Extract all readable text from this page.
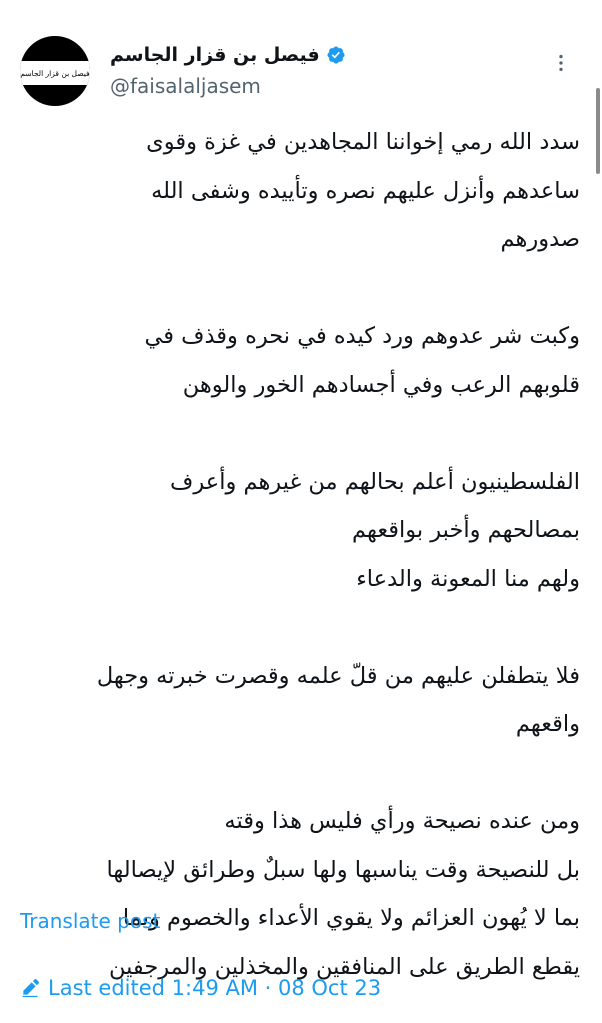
فيصل بن قزار الجاسم
فيصل بن قزار الجاسم
@faisalaljasem

سدد الله رمي إخواننا المجاهدين في غزة وقوى
ساعدهم وأنزل عليهم نصره وتأييده وشفى الله
صدورهم

وكبت شر عدوهم ورد كيده في نحره وقذف في
قلوبهم الرعب وفي أجسادهم الخور والوهن

الفلسطينيون أعلم بحالهم من غيرهم وأعرف
بمصالحهم وأخبر بواقعهم
ولهم منا المعونة والدعاء

فلا يتطفلن عليهم من قلّ علمه وقصرت خبرته وجهل
واقعهم

ومن عنده نصيحة ورأي فليس هذا وقته
بل للنصيحة وقت يناسبها ولها سبلٌ وطرائق لإيصالها
بما لا يُهون العزائم ولا يقوي الأعداء والخصوم وبما
يقطع الطريق على المنافقين والمخذلين والمرجفين

Translate post
Last edited 1:49 AM · 08 Oct 23
